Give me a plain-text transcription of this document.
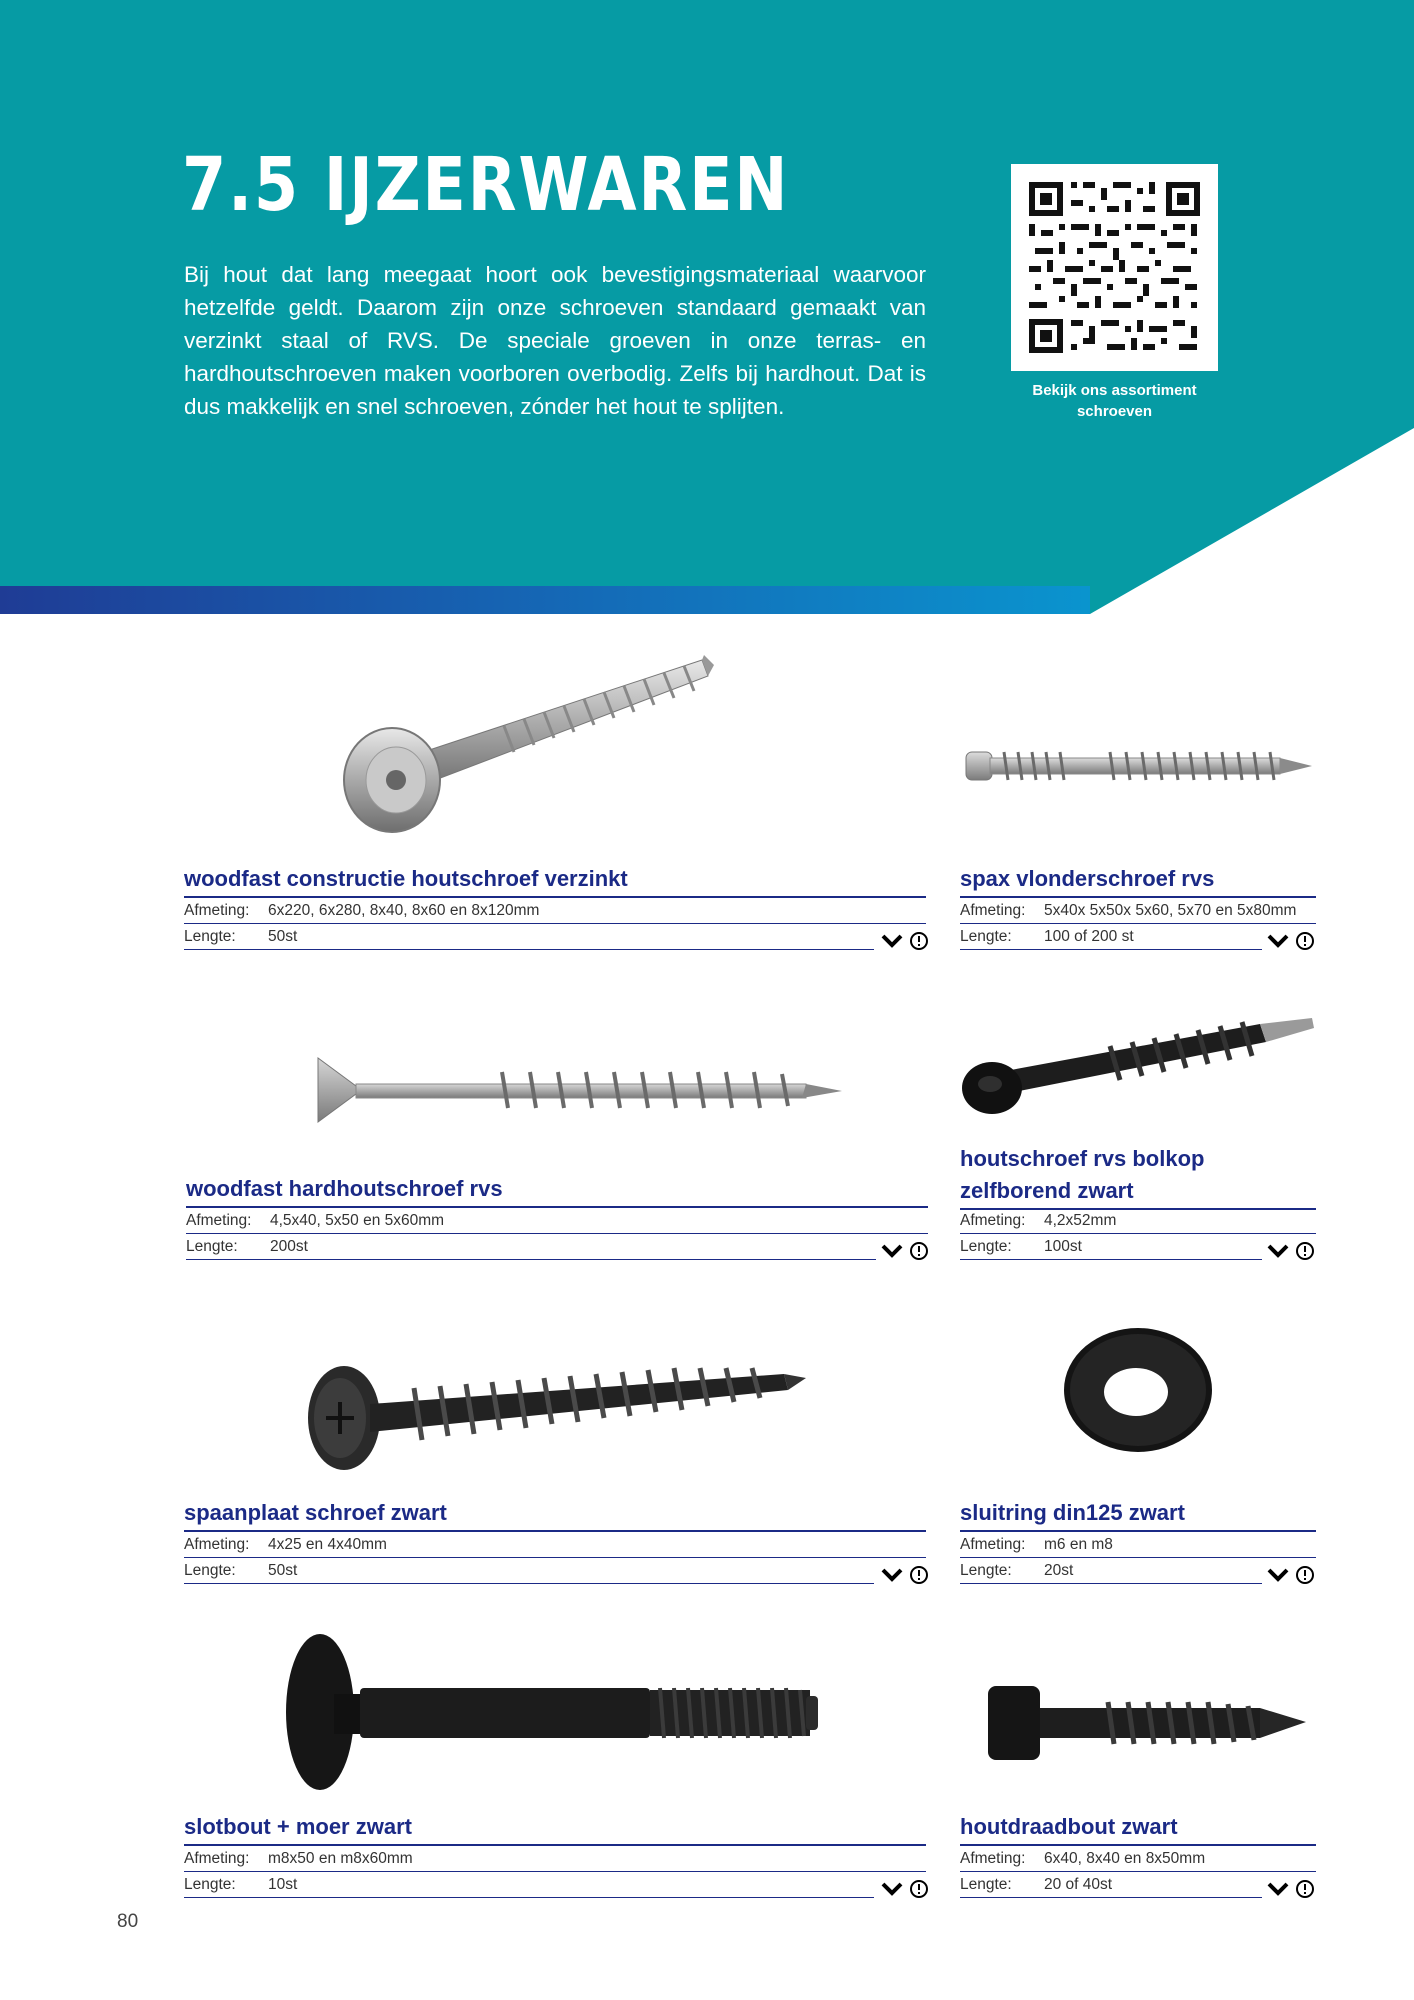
7.5 IJZERWAREN

Bij hout dat lang meegaat hoort ook bevestigingsmateriaal waarvoor hetzelfde geldt. Daarom zijn onze schroeven standaard gemaakt van verzinkt staal of RVS. De speciale groeven in onze terras- en hardhoutschroeven maken voorboren overbodig. Zelfs bij hardhout. Dat is dus makkelijk en snel schroeven, zónder het hout te splijten.

Bekijk ons assortiment
schroeven
woodfast constructie houtschroef verzinkt
Afmeting: 6x220, 6x280, 8x40, 8x60 en 8x120mm
Lengte: 50st
spax vlonderschroef rvs
Afmeting: 5x40x 5x50x 5x60, 5x70 en 5x80mm
Lengte: 100 of 200 st
woodfast hardhoutschroef rvs
Afmeting: 4,5x40, 5x50 en 5x60mm
Lengte: 200st
houtschroef rvs bolkop
zelfborend zwart
Afmeting: 4,2x52mm
Lengte: 100st
spaanplaat schroef zwart
Afmeting: 4x25 en 4x40mm
Lengte: 50st
sluitring din125 zwart
Afmeting: m6 en m8
Lengte: 20st
slotbout + moer zwart
Afmeting: m8x50 en m8x60mm
Lengte: 10st
houtdraadbout zwart
Afmeting: 6x40, 8x40 en 8x50mm
Lengte: 20 of 40st
80
